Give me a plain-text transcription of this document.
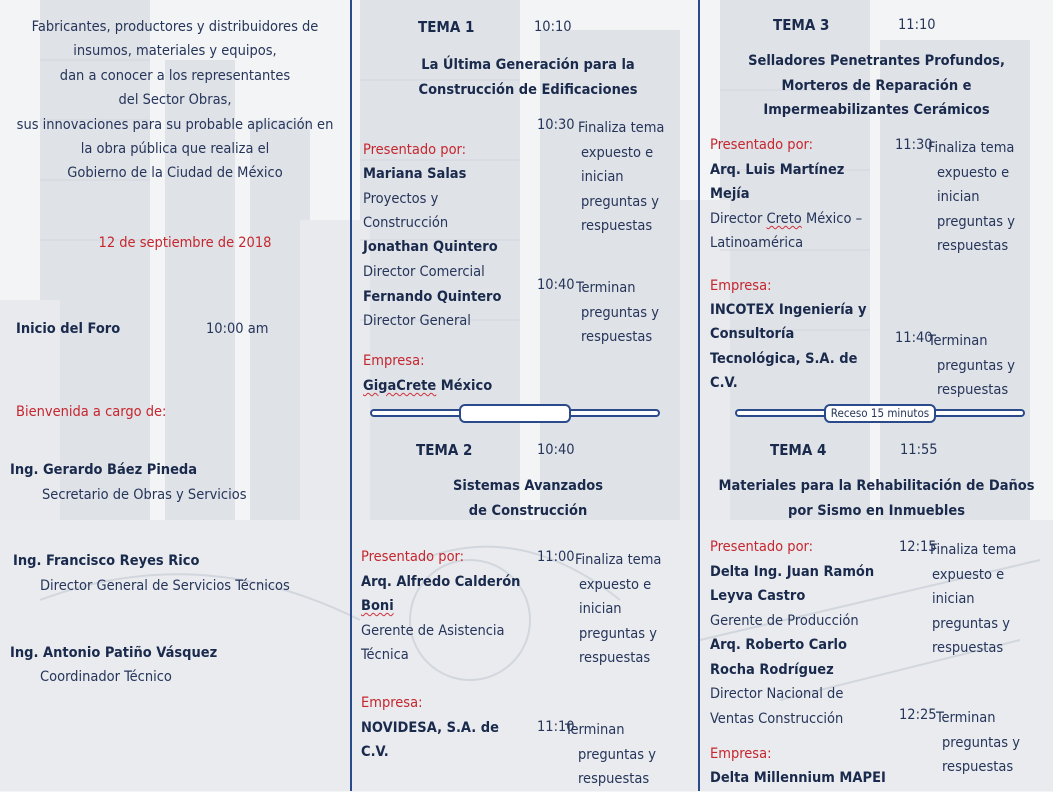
Fabricantes, productores y distribuidores de
insumos, materiales y equipos,
dan a conocer a los representantes
del Sector Obras,
sus innovaciones para su probable aplicación en
la obra pública que realiza el
Gobierno de la Ciudad de México
12 de septiembre de 2018
Inicio del Foro	10:00 am
Bienvenida a cargo de:
Ing. Gerardo Báez Pineda
Secretario de Obras y Servicios
Ing. Francisco Reyes Rico
Director General de Servicios Técnicos
Ing. Antonio Patiño Vásquez
Coordinador Técnico
TEMA 1	10:10
La Última Generación para la
Construcción de Edificaciones
Presentado por:
Mariana Salas
Proyectos y
Construcción
Jonathan Quintero
Director Comercial
Fernando Quintero
Director General
Empresa:
GigaCrete México
10:30 Finaliza tema

expuesto e

inician

preguntas y

respuestas

10:40 Terminan

preguntas y

respuestas

TEMA 2	10:40
Sistemas Avanzados
de Construcción
Presentado por:
Arq. Alfredo Calderón
Boni
Gerente de Asistencia
Técnica
Empresa:
NOVIDESA, S.A. de
C.V.
11:00 Finaliza tema

expuesto e

inician

preguntas y

respuestas

11:10

Terminan

preguntas y

respuestas

TEMA 3	11:10
Selladores Penetrantes Profundos,
Morteros de Reparación e
Impermeabilizantes Cerámicos
Presentado por:
Arq. Luis Martínez
Mejía
Director Creto México –
Latinoamérica
Empresa:
INCOTEX Ingeniería y
Consultoría
Tecnológica, S.A. de
C.V.
11:30

Finaliza tema

expuesto e

inician

preguntas y

respuestas

11:40

Terminan

preguntas y

respuestas

Receso 15 minutos
TEMA 4	11:55
Materiales para la Rehabilitación de Daños
por Sismo en Inmuebles
Presentado por:
Delta Ing. Juan Ramón
Leyva Castro
Gerente de Producción
Arq. Roberto Carlo
Rocha Rodríguez
Director Nacional de
Ventas Construcción
Empresa:
Delta Millennium MAPEI
12:15

Finaliza tema

expuesto e

inician

preguntas y

respuestas

12:25 Terminan

preguntas y

respuestas
